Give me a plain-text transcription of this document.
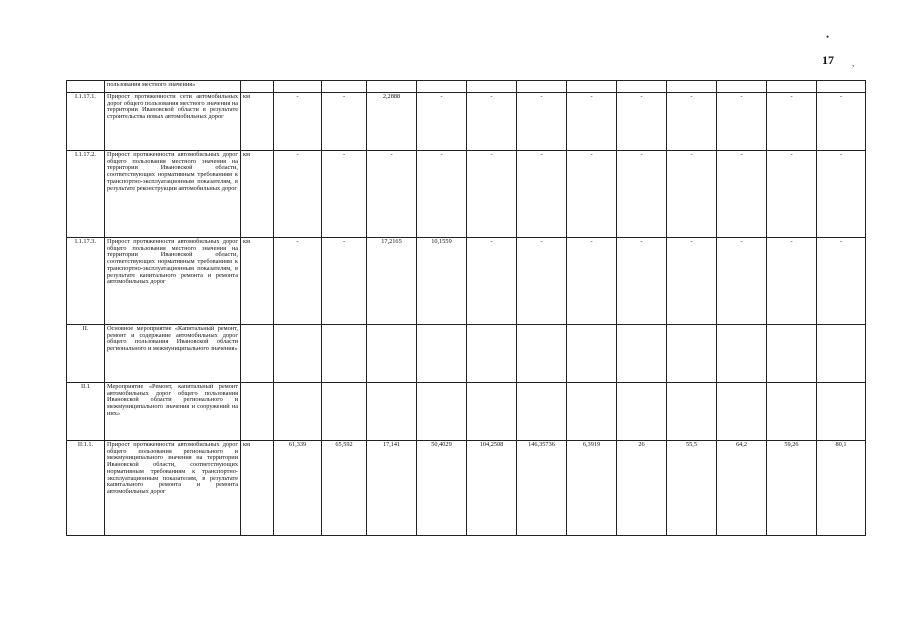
•
,
17
	пользования местного значения»													
I.1.17.1.	Прирост протяженности сети автомобильных дорог общего пользования местного значения на территории Ивановской области в результате строительства новых автомобильных дорог	км	-	-	2,2888	-	-	-	-	-	-	-	-	-
I.1.17.2.	Прирост протяженности автомобильных дорог общего пользования местного значения на территории Ивановской области, соответствующих нормативным требованиям к транспортно-эксплуатационным показателям, в результате реконструкции автомобильных дорог	км	-	-	-	-	-	-	-	-	-	-	-	-
I.1.17.3.	Прирост протяженности автомобильных дорог общего пользования местного значения на территории Ивановской области, соответствующих нормативным требованиям к транспортно-эксплуатационным показателям, в результате капитального ремонта и ремонта автомобильных дорог	км	-	-	17,2165	10,1559	-	-	-	-	-	-	-	-
II.	Основное мероприятие «Капитальный ремонт, ремонт и содержание автомобильных дорог общего пользования Ивановской области регионального и межмуниципального значения»													
II.1	Мероприятие «Ремонт, капитальный ремонт автомобильных дорог общего пользования Ивановской области регионального и межмуниципального значения и сооружений на них»													
II.1.1.	Прирост протяженности автомобильных дорог общего пользования регионального и межмуниципального значения на территории Ивановской области, соответствующих нормативным требованиям к транспортно-эксплуатационным показателям, в результате капитального ремонта и ремонта автомобильных дорог	км	61,339	65,592	17,141	50,4029	104,2508	146,35736	6,3919	26	55,5	64,2	59,26	80,1
